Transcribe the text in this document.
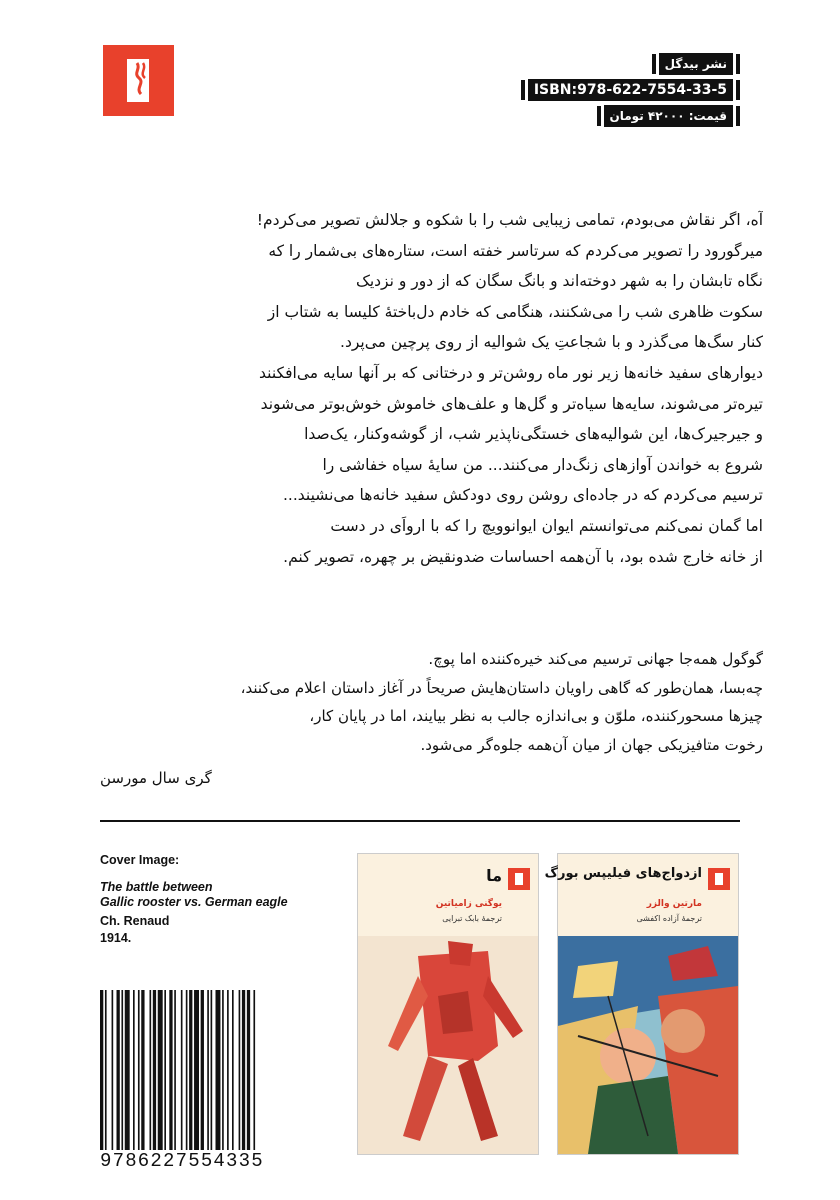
نشر بیدگل
ISBN:978-622-7554-33-5
قیمت: ۴۲۰۰۰ تومان
آه، اگر نقاش می‌بودم، تمامی زیبایی شب را با شکوه و جلالش تصویر می‌کردم!
میرگورود را تصویر می‌کردم که سرتاسر خفته است، ستاره‌های بی‌شمار را که
نگاه تابشان را به شهر دوخته‌اند و بانگ سگان که از دور و نزدیک
سکوت ظاهری شب را می‌شکنند، هنگامی که خادم دل‌باختهٔ کلیسا به شتاب از
کنار سگ‌ها می‌گذرد و با شجاعتِ یک شوالیه از روی پرچین می‌پرد.
دیوارهای سفید خانه‌ها زیر نور ماه روشن‌تر و درختانی که بر آنها سایه می‌افکنند
تیره‌تر می‌شوند، سایه‌ها سیاه‌تر و گل‌ها و علف‌های خاموش خوش‌بوتر می‌شوند
و جیرجیرک‌ها، این شوالیه‌های خستگی‌ناپذیر شب، از گوشه‌وکنار، یک‌صدا
شروع به خواندن آوازهای زنگ‌دار می‌کنند... من سایهٔ سیاه خفاشی را
ترسیم می‌کردم که در جاده‌ای روشن روی دودکش سفید خانه‌ها می‌نشیند...
اما گمان نمی‌کنم می‌توانستم ایوان ایوانوویچ را که با ارواَی در دست
از خانه خارج شده بود، با آن‌همه احساسات ضدونقیض بر چهره، تصویر کنم.
گوگول همه‌جا جهانی ترسیم می‌کند خیره‌کننده اما پوچ.
چه‌بسا، همان‌طور که گاهی راویان داستان‌هایش صریحاً در آغاز داستان اعلام می‌کنند،
چیزها مسحورکننده، ملوّن و بی‌اندازه جالب به نظر بیایند، اما در پایان کار،
رخوت متافیزیکی جهان از میان آن‌همه جلوه‌گر می‌شود.
گری سال مورسن
Cover Image:
The battle between
Gallic rooster vs. German eagle
Ch. Renaud
1914.
9786227554335
ما
یوگنی زامیاتین
ترجمهٔ بابک تبرایی
ازدواج‌های فیلیپس بورگ
مارتین والزر
ترجمهٔ آزاده اکفشی
